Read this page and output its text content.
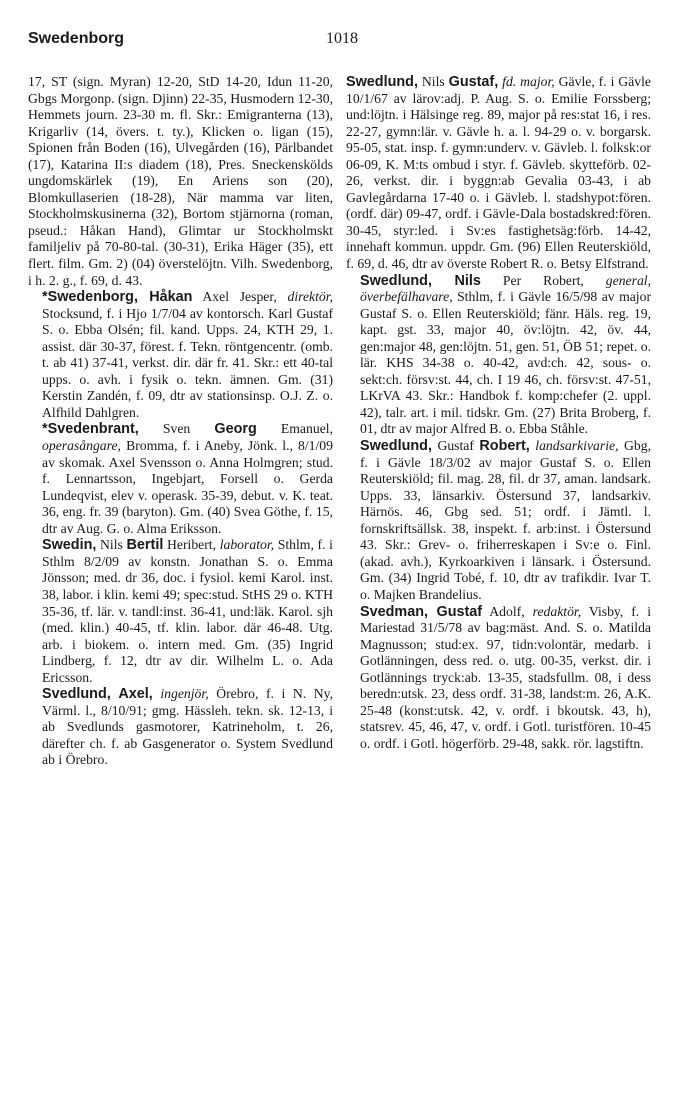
Swedenborg	1018

17, ST (sign. Myran) 12-20, StD 14-20, Idun 11-20, Gbgs Morgonp. (sign. Djinn) 22-35, Husmodern 12-30, Hemmets journ. 23-30 m. fl. Skr.: Emigranterna (13), Krigarliv (14, övers. t. ty.), Klicken o. ligan (15), Spionen från Boden (16), Ulvegården (16), Pärlbandet (17), Katarina II:s diadem (18), Pres. Sneckenskölds ungdomskärlek (19), En Ariens son (20), Blomkullaserien (18-28), När mamma var liten, Stockholmskusinerna (32), Bortom stjärnorna (roman, pseud.: Håkan Hand), Glimtar ur Stockholmskt familjeliv på 70-80-tal. (30-31), Erika Häger (35), ett flert. film. Gm. 2) (04) överstelöjtn. Vilh. Swedenborg, i h. 2. g., f. 69, d. 43.

*Swedenborg, Håkan Axel Jesper, direktör, Stocksund, f. i Hjo 1/7/04 av kontorsch. Karl Gustaf S. o. Ebba Olsén; fil. kand. Upps. 24, KTH 29, 1. assist. där 30-37, förest. f. Tekn. röntgencentr. (omb. t. ab 41) 37-41, verkst. dir. där fr. 41. Skr.: ett 40-tal upps. o. avh. i fysik o. tekn. ämnen. Gm. (31) Kerstin Zandén, f. 09, dtr av stationsinsp. O.J. Z. o. Alfhild Dahlgren.

*Svedenbrant, Sven Georg Emanuel, operasångare, Bromma, f. i Aneby, Jönk. l., 8/1/09 av skomak. Axel Svensson o. Anna Holmgren; stud. f. Lennartsson, Ingebjart, Forsell o. Gerda Lundeqvist, elev v. operask. 35-39, debut. v. K. teat. 36, eng. fr. 39 (baryton). Gm. (40) Svea Göthe, f. 15, dtr av Aug. G. o. Alma Eriksson.

Swedin, Nils Bertil Heribert, laborator, Sthlm, f. i Sthlm 8/2/09 av konstn. Jonathan S. o. Emma Jönsson; med. dr 36, doc. i fysiol. kemi Karol. inst. 38, labor. i klin. kemi 49; spec:stud. StHS 29 o. KTH 35-36, tf. lär. v. tandl:inst. 36-41, und:läk. Karol. sjh (med. klin.) 40-45, tf. klin. labor. där 46-48. Utg. arb. i biokem. o. intern med. Gm. (35) Ingrid Lindberg, f. 12, dtr av dir. Wilhelm L. o. Ada Ericsson.

Svedlund, Axel, ingenjör, Örebro, f. i N. Ny, Värml. l., 8/10/91; gmg. Hässleh. tekn. sk. 12-13, i ab Svedlunds gasmotorer, Katrineholm, t. 26, därefter ch. f. ab Gasgenerator o. System Svedlund ab i Örebro.

Swedlund, Nils Gustaf, fd. major, Gävle, f. i Gävle 10/1/67 av lärov:adj. P. Aug. S. o. Emilie Forssberg; und:löjtn. i Hälsinge reg. 89, major på res:stat 16, i res. 22-27, gymn:lär. v. Gävle h. a. l. 94-29 o. v. borgarsk. 95-05, stat. insp. f. gymn:underv. v. Gävleb. l. folksk:or 06-09, K. M:ts ombud i styr. f. Gävleb. skytteförb. 02-26, verkst. dir. i byggn:ab Gevalia 03-43, i ab Gavlegårdarna 17-40 o. i Gävleb. l. stadshypot:fören. (ordf. där) 09-47, ordf. i Gävle-Dala bostadskred:fören. 30-45, styr:led. i Sv:es fastighetsäg:förb. 14-42, innehaft kommun. uppdr. Gm. (96) Ellen Reuterskiöld, f. 69, d. 46, dtr av överste Robert R. o. Betsy Elfstrand.

Swedlund, Nils Per Robert, general, överbefälhavare, Sthlm, f. i Gävle 16/5/98 av major Gustaf S. o. Ellen Reuterskiöld; fänr. Häls. reg. 19, kapt. gst. 33, major 40, öv:löjtn. 42, öv. 44, gen:major 48, gen:löjtn. 51, gen. 51, ÖB 51; repet. o. lär. KHS 34-38 o. 40-42, avd:ch. 42, sous- o. sekt:ch. försv:st. 44, ch. I 19 46, ch. försv:st. 47-51, LKrVA 43. Skr.: Handbok f. komp:chefer (2. uppl. 42), talr. art. i mil. tidskr. Gm. (27) Brita Broberg, f. 01, dtr av major Alfred B. o. Ebba Ståhle.

Swedlund, Gustaf Robert, landsarkivarie, Gbg, f. i Gävle 18/3/02 av major Gustaf S. o. Ellen Reuterskiöld; fil. mag. 28, fil. dr 37, aman. landsark. Upps. 33, länsarkiv. Östersund 37, landsarkiv. Härnös. 46, Gbg sed. 51; ordf. i Jämtl. l. fornskriftsällsk. 38, inspekt. f. arb:inst. i Östersund 43. Skr.: Grev- o. friherreskapen i Sv:e o. Finl. (akad. avh.), Kyrkoarkiven i länsark. i Östersund. Gm. (34) Ingrid Tobé, f. 10, dtr av trafikdir. Ivar T. o. Majken Brandelius.

Svedman, Gustaf Adolf, redaktör, Visby, f. i Mariestad 31/5/78 av bag:mäst. And. S. o. Matilda Magnusson; stud:ex. 97, tidn:volontär, medarb. i Gotlänningen, dess red. o. utg. 00-35, verkst. dir. i Gotlännings tryck:ab. 13-35, stadsfullm. 08, i dess beredn:utsk. 23, dess ordf. 31-38, landst:m. 26, A.K. 25-48 (konst:utsk. 42, v. ordf. i bkoutsk. 43, h), statsrev. 45, 46, 47, v. ordf. i Gotl. turistfören. 10-45 o. ordf. i Gotl. högerförb. 29-48, sakk. rör. lagstiftn.
